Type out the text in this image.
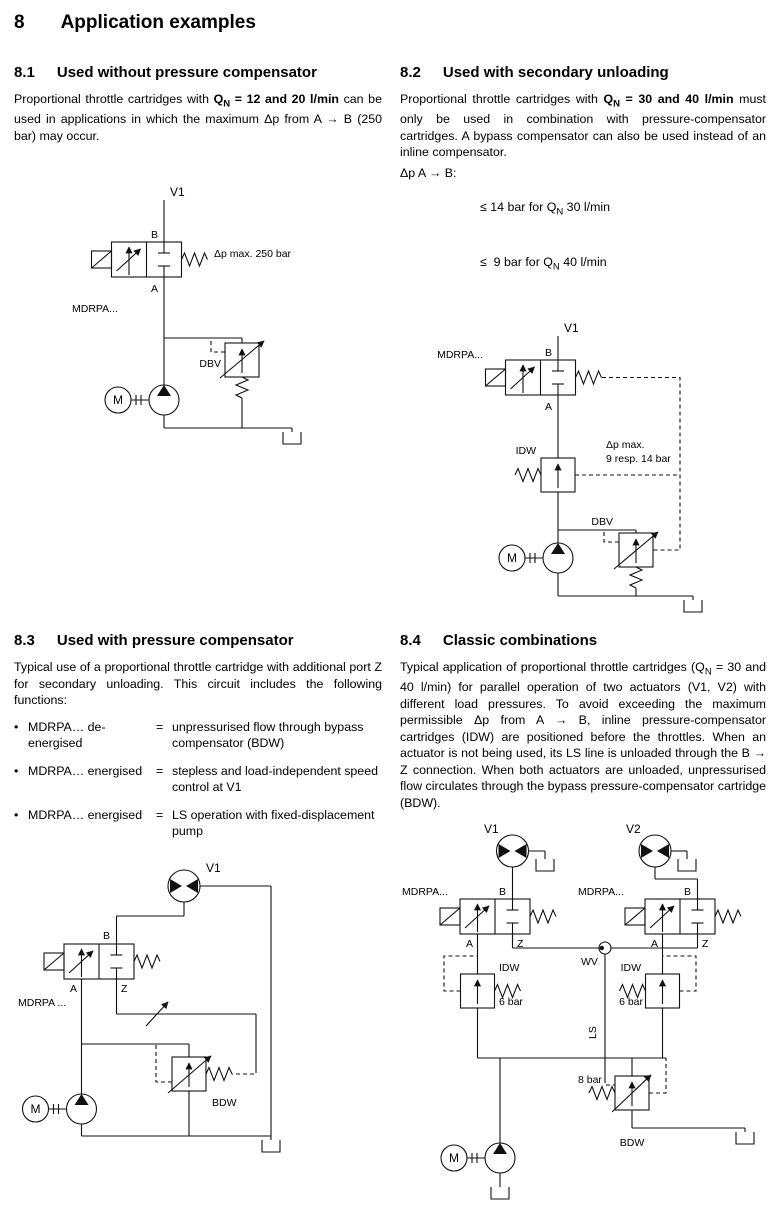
8 Application examples
8.1 Used without pressure compensator

Proportional throttle cartridges with $Q_N = 12$ and 20 l/min can be used in applications in which the maximum Δp from A → B (250 bar) may occur.

V1
B
A
MDRPA...
Δp max. 250 bar
DBV
M
8.2 Used with secondary unloading

Proportional throttle cartridges with $Q_N = 30$ and 40 l/min must only be used in combination with pressure-compensator cartridges. A bypass compensator can also be used instead of an inline compensator.

Δp A → B:

≤ 14 bar for $Q_N$ 30 l/min

≤  9 bar for $Q_N$ 40 l/min

V1
MDRPA...	B
A
IDW	Δp max.
9 resp. 14 bar
DBV
M
8.3 Used with pressure compensator

Typical use of a proportional throttle cartridge with additional port Z for secondary unloading. This circuit includes the following functions:

• MDRPA… de-energised
= unpressurised flow through bypass compensator (BDW)
• MDRPA… energised	= stepless and load-independent speed control at V1
• MDRPA… energised	= LS operation with fixed-displacement pump
V1
B
A	Z
MDRPA ...
BDW
M
8.4 Classic combinations

Typical application of proportional throttle cartridges ($Q_N = 30$ and 40 l/min) for parallel operation of two actuators (V1, V2) with different load pressures. To avoid exceeding the maximum permissible Δp from A → B, inline pressure-compensator cartridges (IDW) are positioned before the throttles. When an actuator is not being used, its LS line is unloaded through the B → Z connection. When both actuators are unloaded, unpressurised flow circulates through the bypass pressure-compensator cartridge (BDW).

V1	V2
MDRPA...	B
A	Z
MDRPA...	B
A	Z
WV
IDW	IDW
6 bar	6 bar
LS
8 bar
BDW
M
